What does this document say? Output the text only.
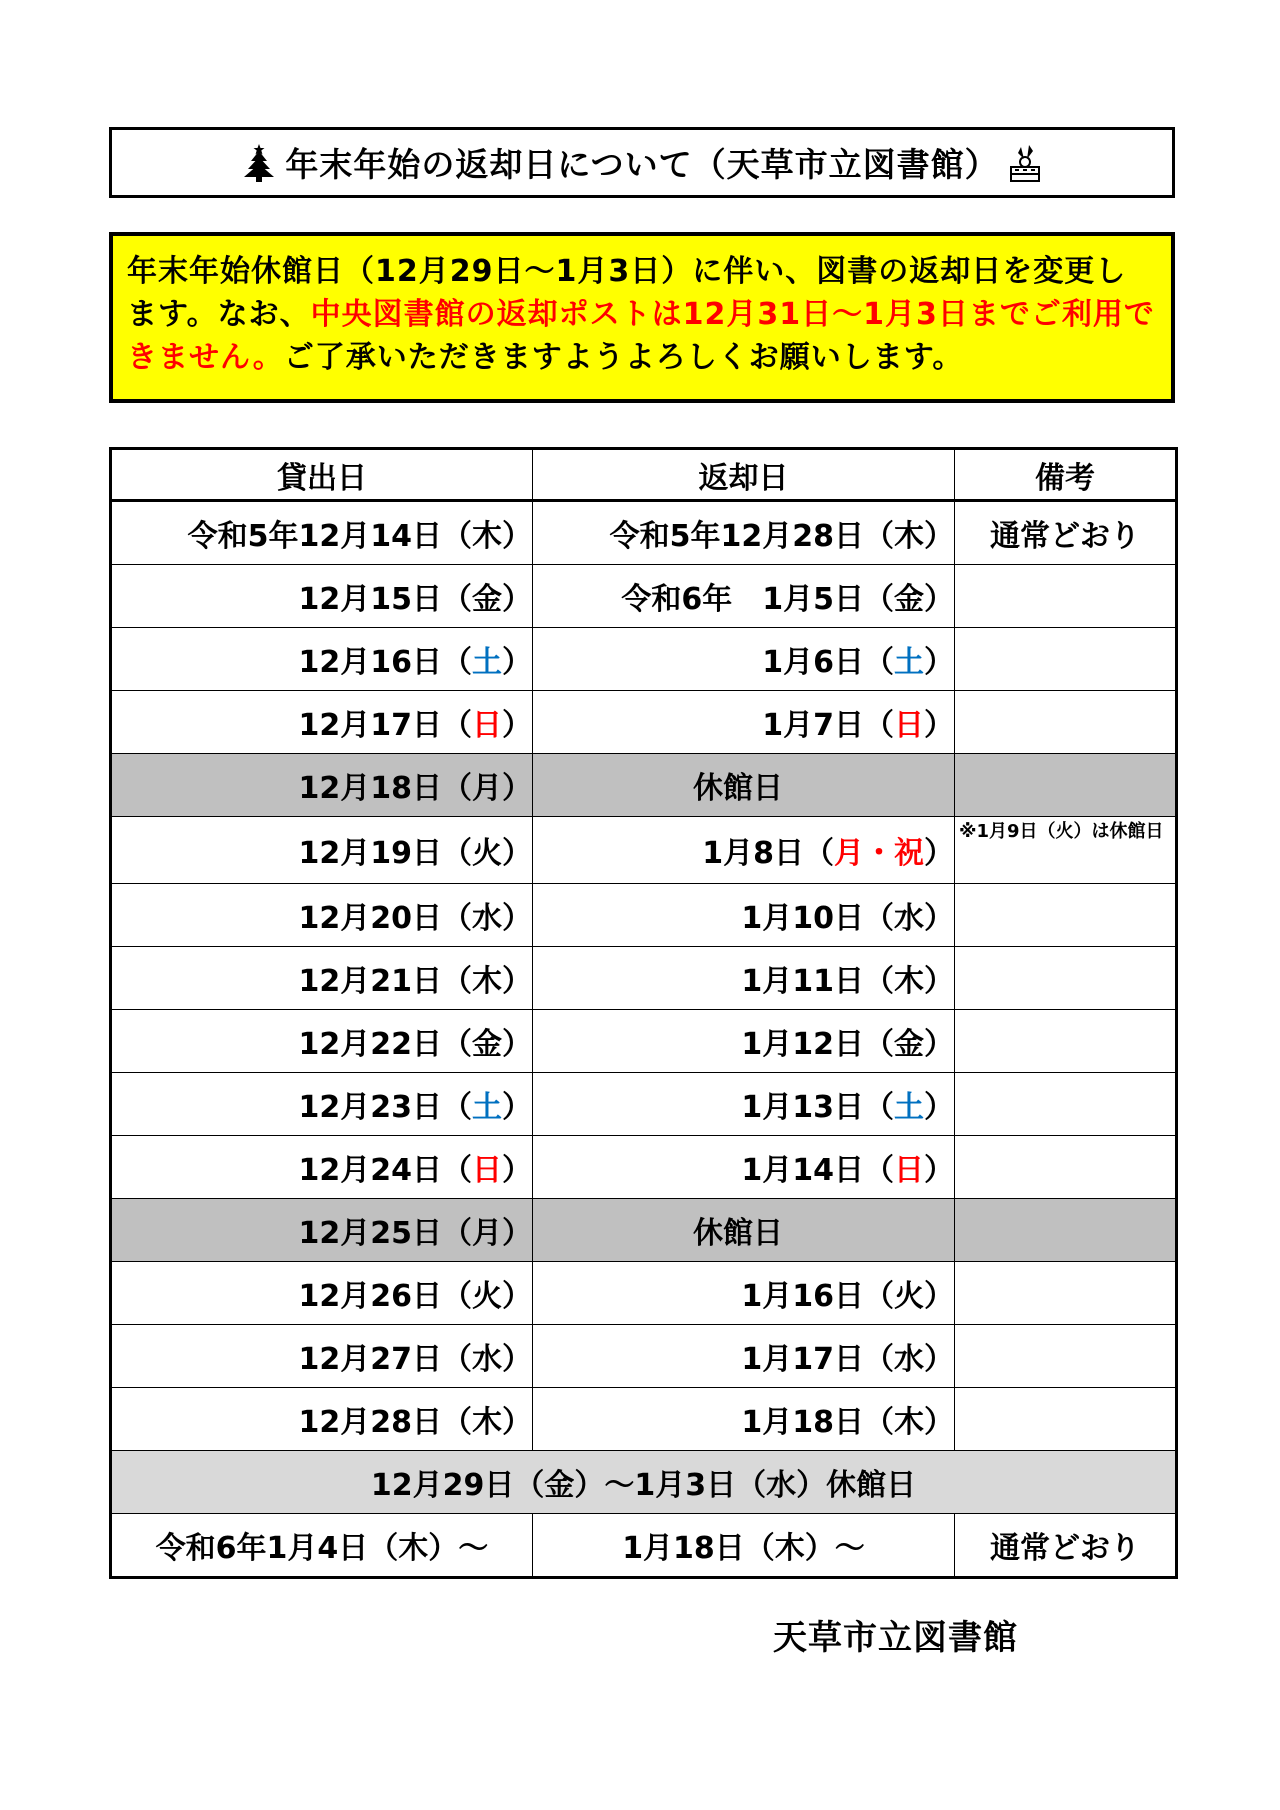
年末年始の返却日について（天草市立図書館）
年末年始休館日（12月29日～1月3日）に伴い、図書の返却日を変更します。なお、中央図書館の返却ポストは12月31日～1月3日までご利用できません。ご了承いただきますようよろしくお願いします。
貸出日	返却日	備考
令和5年12月14日（木）	令和5年12月28日（木）	通常どおり
12月15日（金）	令和6年　1月5日（金）	
12月16日（土）	1月6日（土）	
12月17日（日）	1月7日（日）	
12月18日（月）	休館日	
12月19日（火）	1月8日（月・祝）	※1月9日（火）は休館日
12月20日（水）	1月10日（水）	
12月21日（木）	1月11日（木）	
12月22日（金）	1月12日（金）	
12月23日（土）	1月13日（土）	
12月24日（日）	1月14日（日）	
12月25日（月）	休館日	
12月26日（火）	1月16日（火）	
12月27日（水）	1月17日（水）	
12月28日（木）	1月18日（木）	
12月29日（金）～1月3日（水）休館日		
令和6年1月4日（木）～	1月18日（木）～	通常どおり
天草市立図書館
